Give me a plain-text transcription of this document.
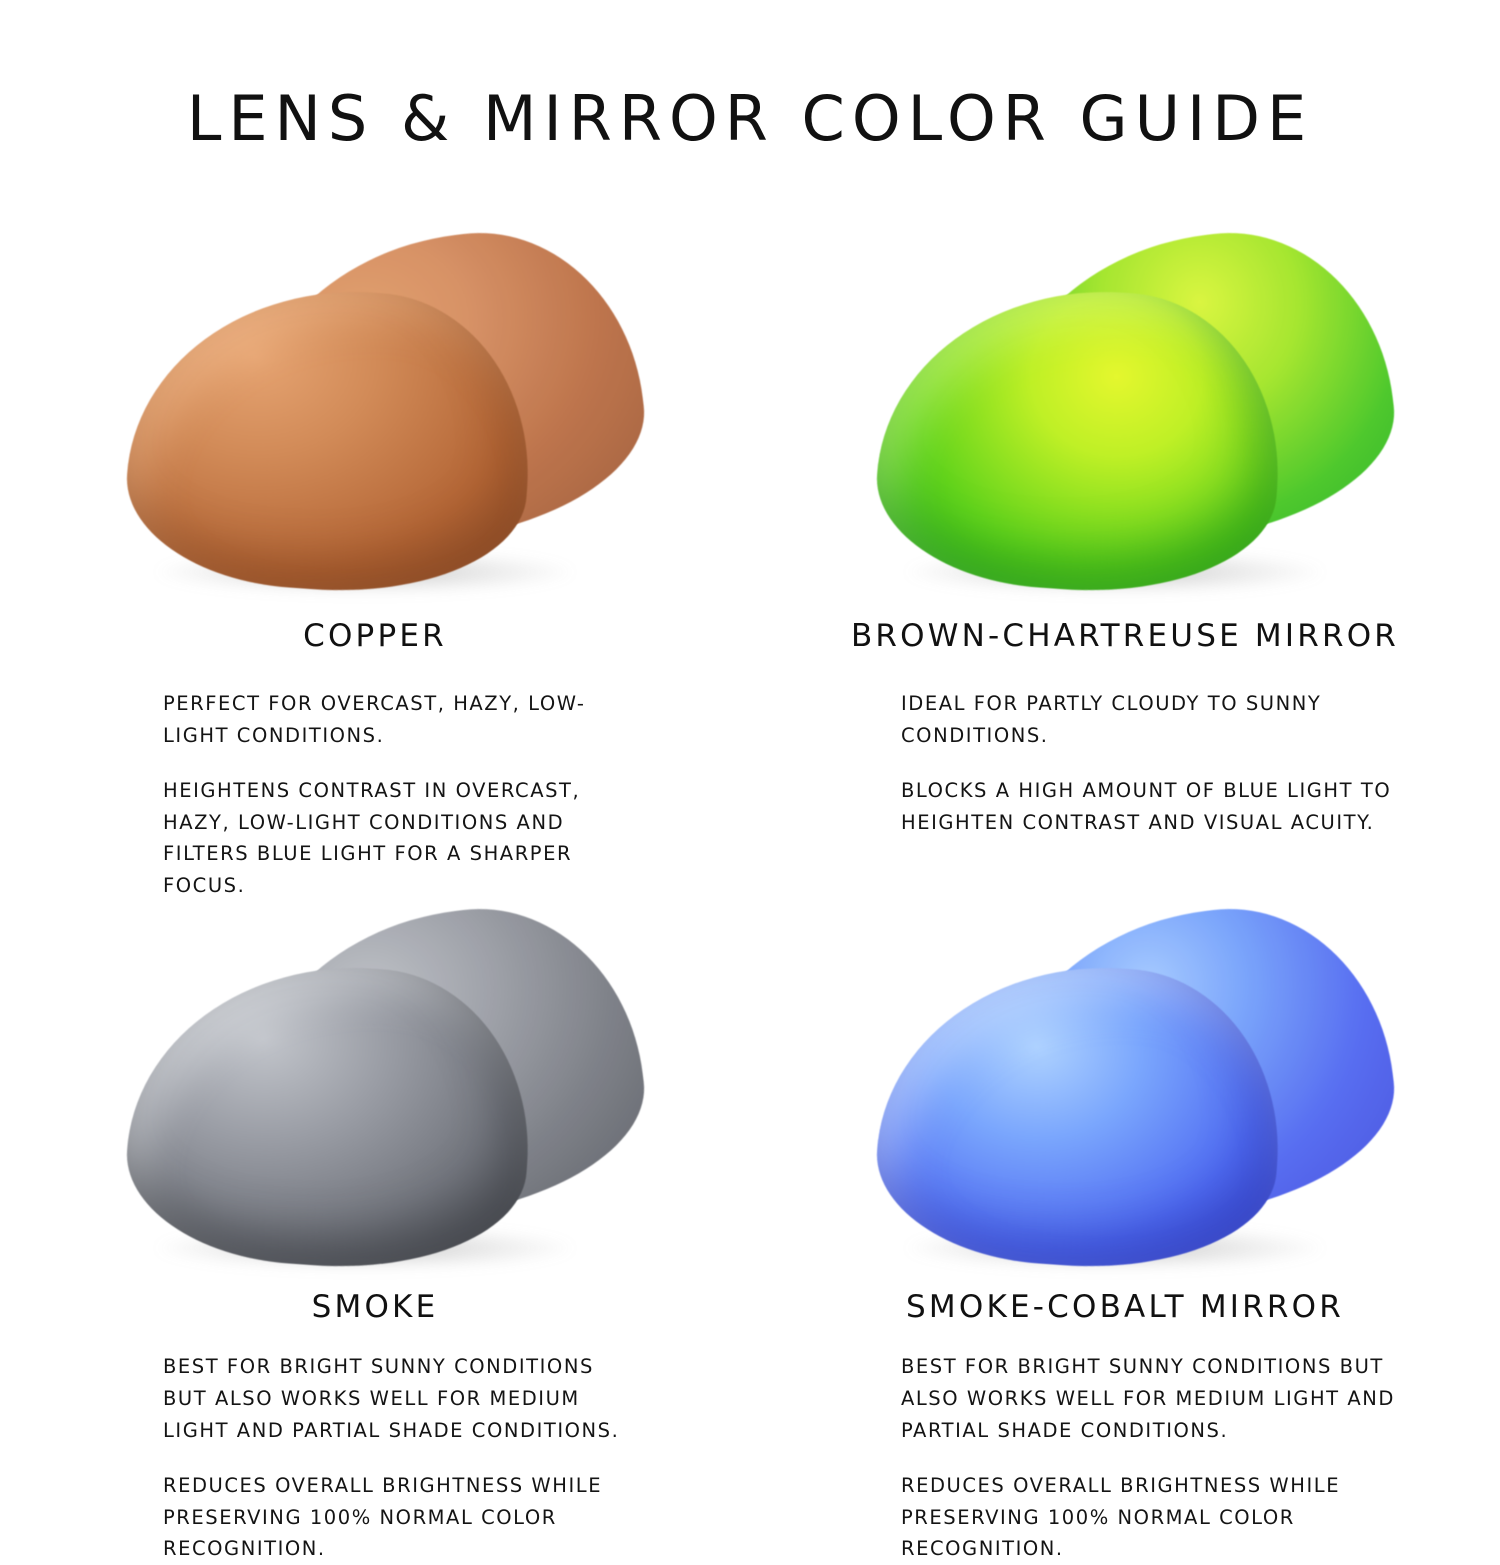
LENS & MIRROR COLOR GUIDE
COPPER

PERFECT FOR OVERCAST, HAZY, LOW-LIGHT CONDITIONS.

HEIGHTENS CONTRAST IN OVERCAST, HAZY, LOW-LIGHT CONDITIONS AND FILTERS BLUE LIGHT FOR A SHARPER FOCUS.

BROWN-CHARTREUSE MIRROR

IDEAL FOR PARTLY CLOUDY TO SUNNY CONDITIONS.

BLOCKS A HIGH AMOUNT OF BLUE LIGHT TO HEIGHTEN CONTRAST AND VISUAL ACUITY.

SMOKE

BEST FOR BRIGHT SUNNY CONDITIONS BUT ALSO WORKS WELL FOR MEDIUM LIGHT AND PARTIAL SHADE CONDITIONS.

REDUCES OVERALL BRIGHTNESS WHILE PRESERVING 100% NORMAL COLOR RECOGNITION.

SMOKE-COBALT MIRROR

BEST FOR BRIGHT SUNNY CONDITIONS BUT ALSO WORKS WELL FOR MEDIUM LIGHT AND PARTIAL SHADE CONDITIONS.

REDUCES OVERALL BRIGHTNESS WHILE PRESERVING 100% NORMAL COLOR RECOGNITION.
